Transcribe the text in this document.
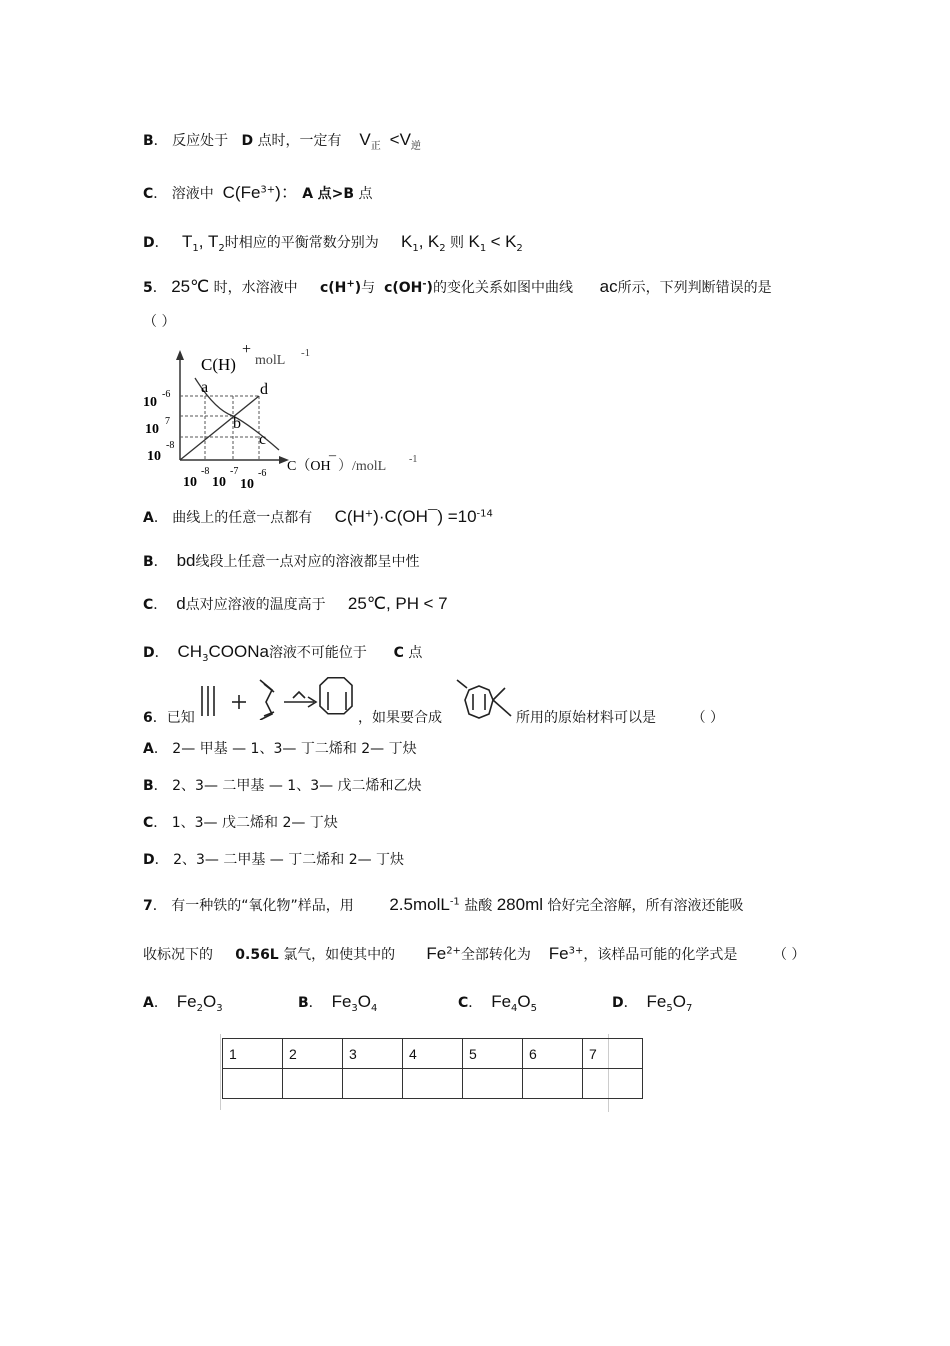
B． 反应处于 D 点时，一定有 $V_正 <V_逆$
C． 溶液中 $C(Fe^{3+})$： A 点>B 点
D． $T_1$, $T_2$时相应的平衡常数分别为 $K_1$, $K_2$ 则 $K_1 < K_2$
5． 25℃ 时，水溶液中 c(H+)与 c(OH-)的变化关系如图中曲线 ac所示，下列判断错误的是
（ ）
C(H)
+
molL -1
10
-6
10
7
10
-8
10
-8
10
-7
10
-6 C（OH
¯ ）/molL -1
a
b
c
d
A． 曲线上的任意一点都有 C(H+)·C(OH¯) $=10^{-14}$
B． bd线段上任意一点对应的溶液都呈中性
C． d点对应溶液的温度高于 25℃, PH < 7
D． $CH_3COONa$溶液不可能位于 C 点
6．已知	，如果要合成	所用的原始材料可以是	（ ）
A． 2— 甲基 — 1、3— 丁二烯和 2— 丁炔
B． 2、3— 二甲基 — 1、3— 戊二烯和乙炔
C． 1、3— 戊二烯和 2— 丁炔
D． 2、3— 二甲基 — 丁二烯和 2— 丁炔
7． 有一种铁的“氧化物”样品，用 2.5molL$^{-1}$ 盐酸 280ml 恰好完全溶解，所有溶液还能吸
收标况下的 0.56L 氯气，如使其中的 $Fe^{2+}$全部转化为 $Fe^{3+}$，该样品可能的化学式是	（ ）
A． $Fe_2O_3$	B． $Fe_3O_4$	C． $Fe_4O_5$	D． $Fe_5O_7$
1	2	3	4	5	6	7
